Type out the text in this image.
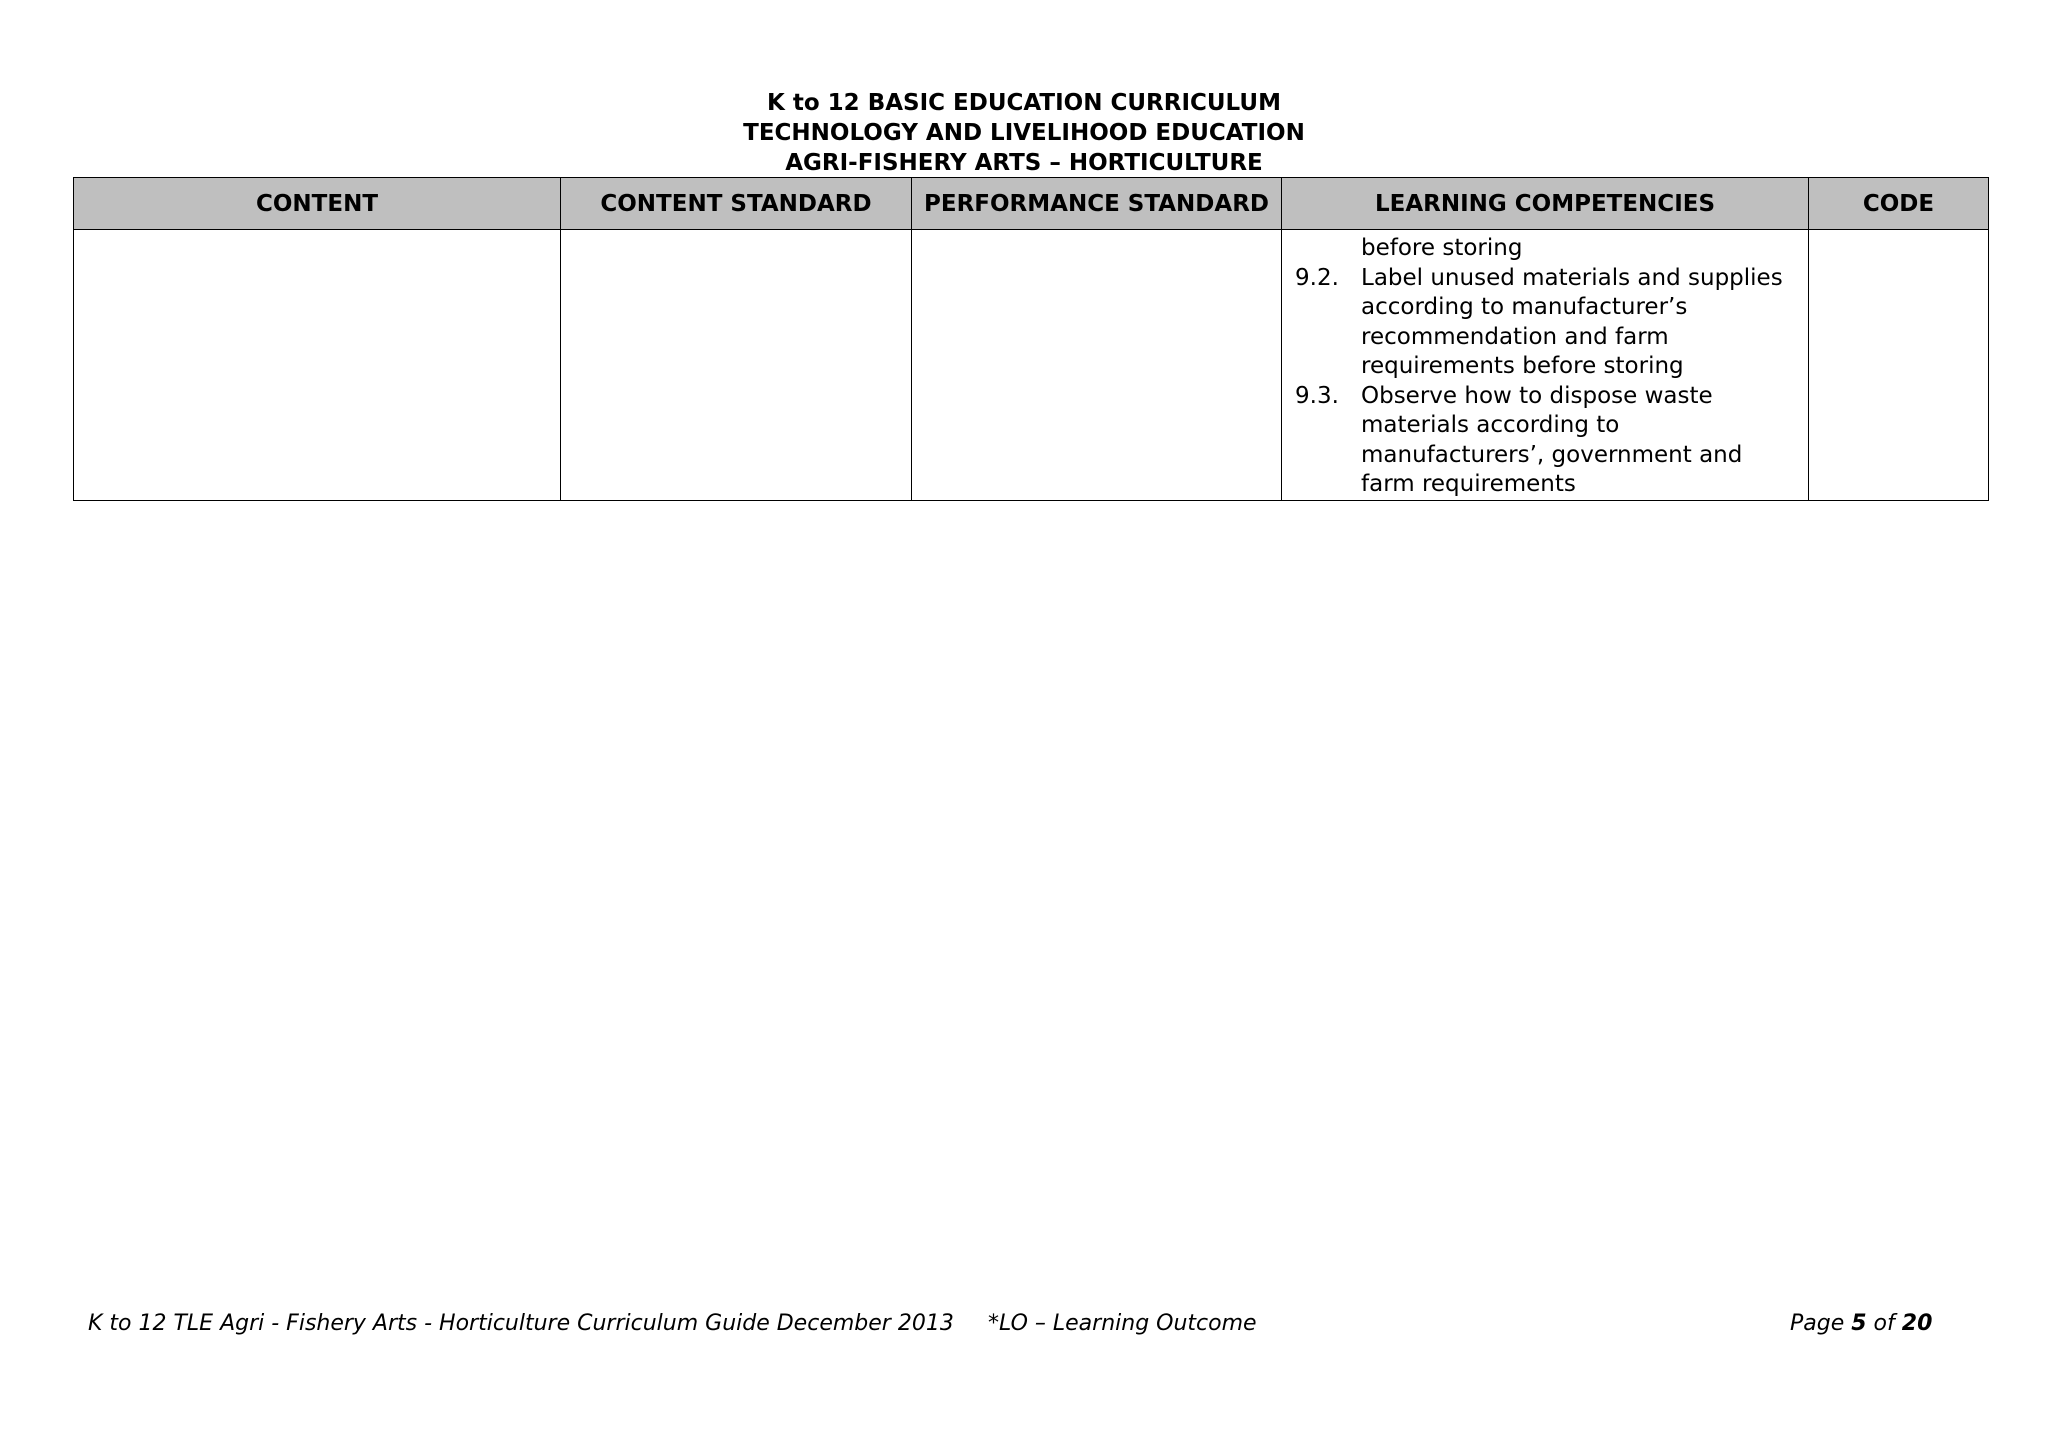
K to 12 BASIC EDUCATION CURRICULUM
TECHNOLOGY AND LIVELIHOOD EDUCATION
AGRI-FISHERY ARTS – HORTICULTURE
CONTENT	CONTENT STANDARD	PERFORMANCE STANDARD	LEARNING COMPETENCIES	CODE

			before storing
9.2. Label unused materials and supplies according to manufacturer’s recommendation and farm requirements before storing
9.3. Observe how to dispose waste materials according to manufacturers’, government and farm requirements	

K to 12 TLE Agri - Fishery Arts - Horticulture Curriculum Guide December 2013 *LO – Learning Outcome	Page 5 of 20
